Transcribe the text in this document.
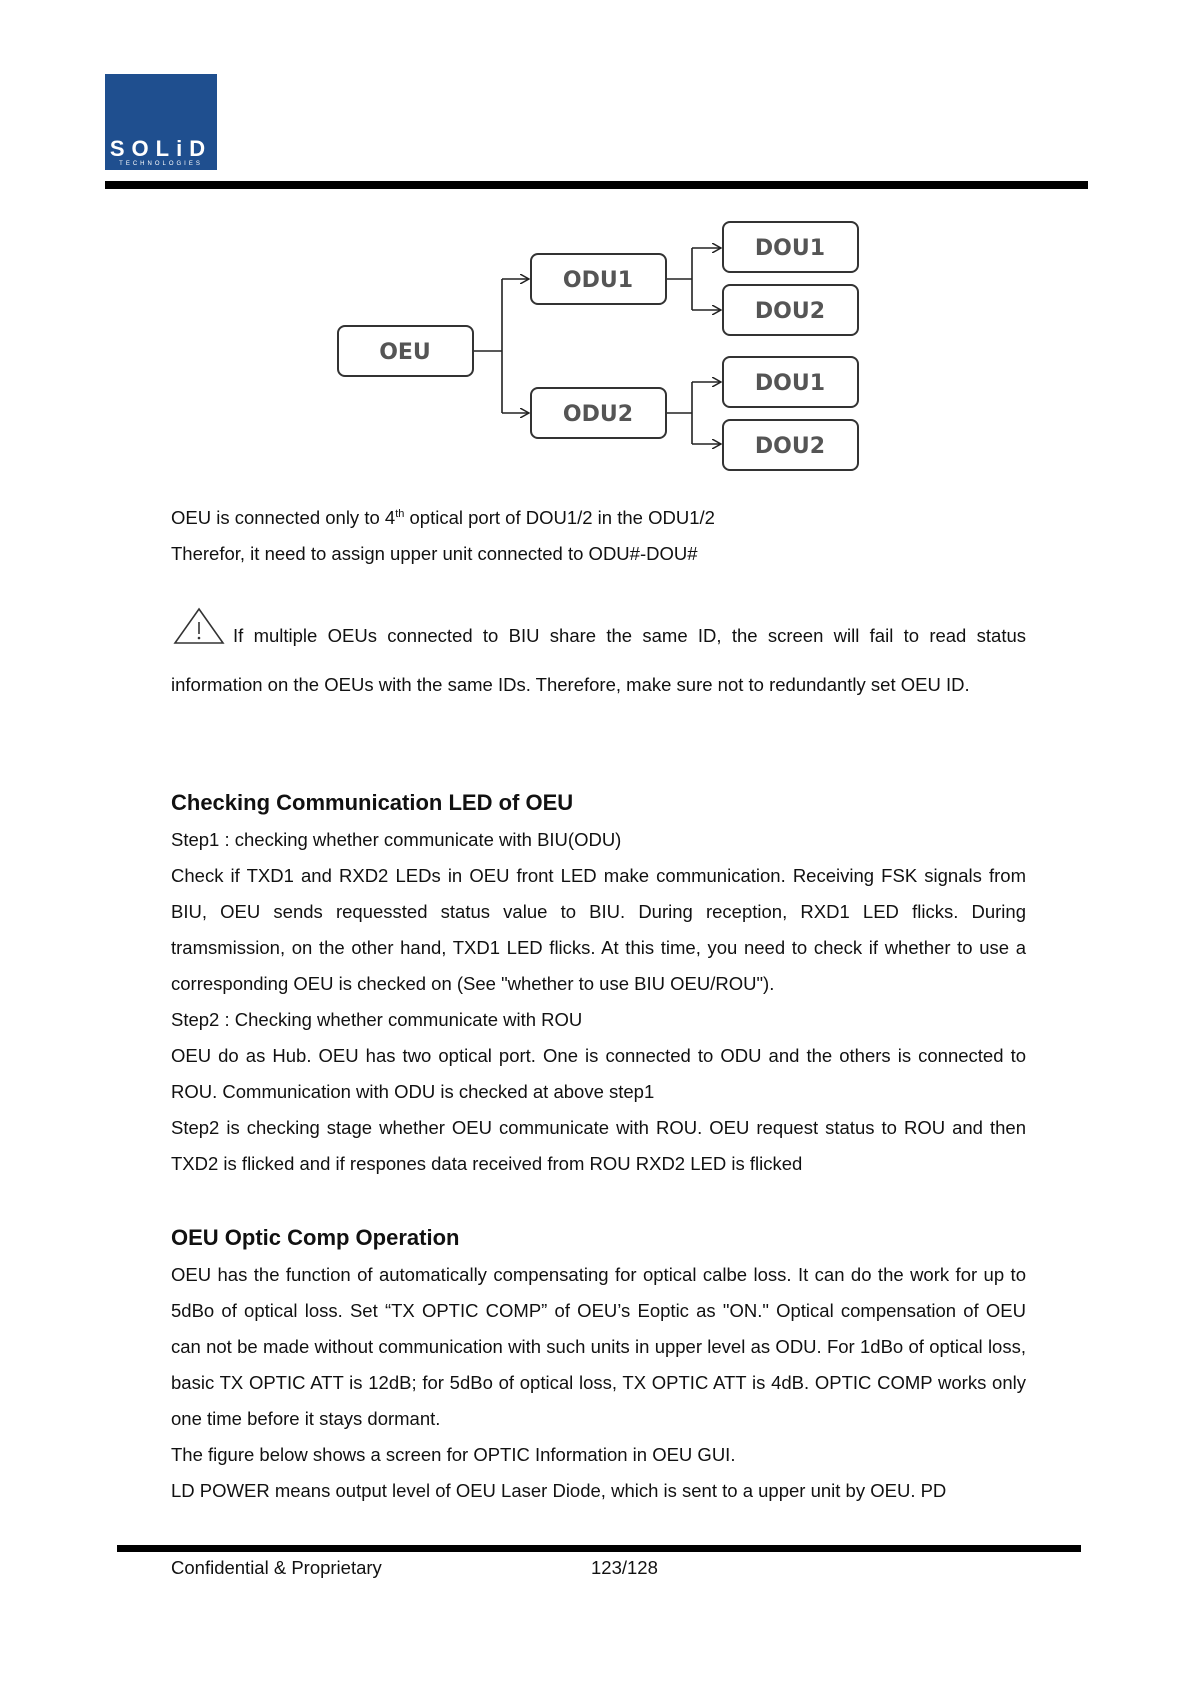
SOLiD
TECHNOLOGIES
OEU
ODU1
ODU2
DOU1
DOU2
DOU1
DOU2

OEU is connected only to 4th optical port of DOU1/2 in the ODU1/2

Therefor, it need to assign upper unit connected to ODU#-DOU#

If multiple OEUs connected to BIU share the same ID, the screen will fail to read status information on the OEUs with the same IDs. Therefore, make sure not to redundantly set OEU ID.

Checking Communication LED of OEU

Step1 : checking whether communicate with BIU(ODU)

Check if TXD1 and RXD2 LEDs in OEU front LED make communication. Receiving FSK signals from BIU, OEU sends requessted status value to BIU. During reception, RXD1 LED flicks. During tramsmission, on the other hand, TXD1 LED flicks. At this time, you need to check if whether to use a corresponding OEU is checked on (See "whether to use BIU OEU/ROU").

Step2 : Checking whether communicate with ROU

OEU do as Hub. OEU has two optical port. One is connected to ODU and the others is connected to ROU. Communication with ODU is checked at above step1

Step2 is checking stage whether OEU communicate with ROU. OEU request status to ROU and then TXD2 is flicked and if respones data received from ROU RXD2 LED is flicked

OEU Optic Comp Operation

OEU has the function of automatically compensating for optical calbe loss. It can do the work for up to 5dBo of optical loss. Set “TX OPTIC COMP” of OEU’s Eoptic as "ON." Optical compensation of OEU can not be made without communication with such units in upper level as ODU. For 1dBo of optical loss, basic TX OPTIC ATT is 12dB; for 5dBo of optical loss, TX OPTIC ATT is 4dB. OPTIC COMP works only one time before it stays dormant.

The figure below shows a screen for OPTIC Information in OEU GUI.

LD POWER means output level of OEU Laser Diode, which is sent to a upper unit by OEU. PD

Confidential & Proprietary	123/128
